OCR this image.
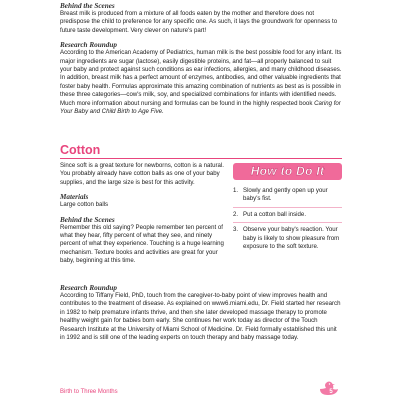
Behind the Scenes

Breast milk is produced from a mixture of all foods eaten by the mother and therefore does not predispose the child to preference for any specific one. As such, it lays the groundwork for openness to future taste development. Very clever on nature's part!

Research Roundup

According to the American Academy of Pediatrics, human milk is the best possible food for any infant. Its major ingredients are sugar (lactose), easily digestible proteins, and fat—all properly balanced to suit your baby and protect against such conditions as ear infections, allergies, and many childhood diseases. In addition, breast milk has a perfect amount of enzymes, antibodies, and other valuable ingredients that foster baby health. Formulas approximate this amazing combination of nutrients as best as is possible in these three categories—cow's milk, soy, and specialized combinations for infants with identified needs. Much more information about nursing and formulas can be found in the highly respected book Caring for Your Baby and Child Birth to Age Five.

Cotton

Since soft is a great texture for newborns, cotton is a natural. You probably already have cotton balls as one of your baby supplies, and the large size is best for this activity.

Materials

Large cotton balls

Behind the Scenes

Remember this old saying? People remember ten percent of what they hear, fifty percent of what they see, and ninety percent of what they experience. Touching is a huge learning mechanism. Texture books and activities are great for your baby, beginning at this time.

How to Do It
1. Slowly and gently open up your baby's fist.
2. Put a cotton ball inside.
3. Observe your baby's reaction. Your baby is likely to show pleasure from exposure to the soft texture.

Research Roundup

According to Tiffany Field, PhD, touch from the caregiver-to-baby point of view improves health and contributes to the treatment of disease. As explained on www6.miami.edu, Dr. Field started her research in 1982 to help premature infants thrive, and then she later developed massage therapy to promote healthy weight gain for babies born early. She continues her work today as director of the Touch Research Institute at the University of Miami School of Medicine. Dr. Field formally established this unit in 1992 and is still one of the leading experts on touch therapy and baby massage today.

Birth to Three Months	5
